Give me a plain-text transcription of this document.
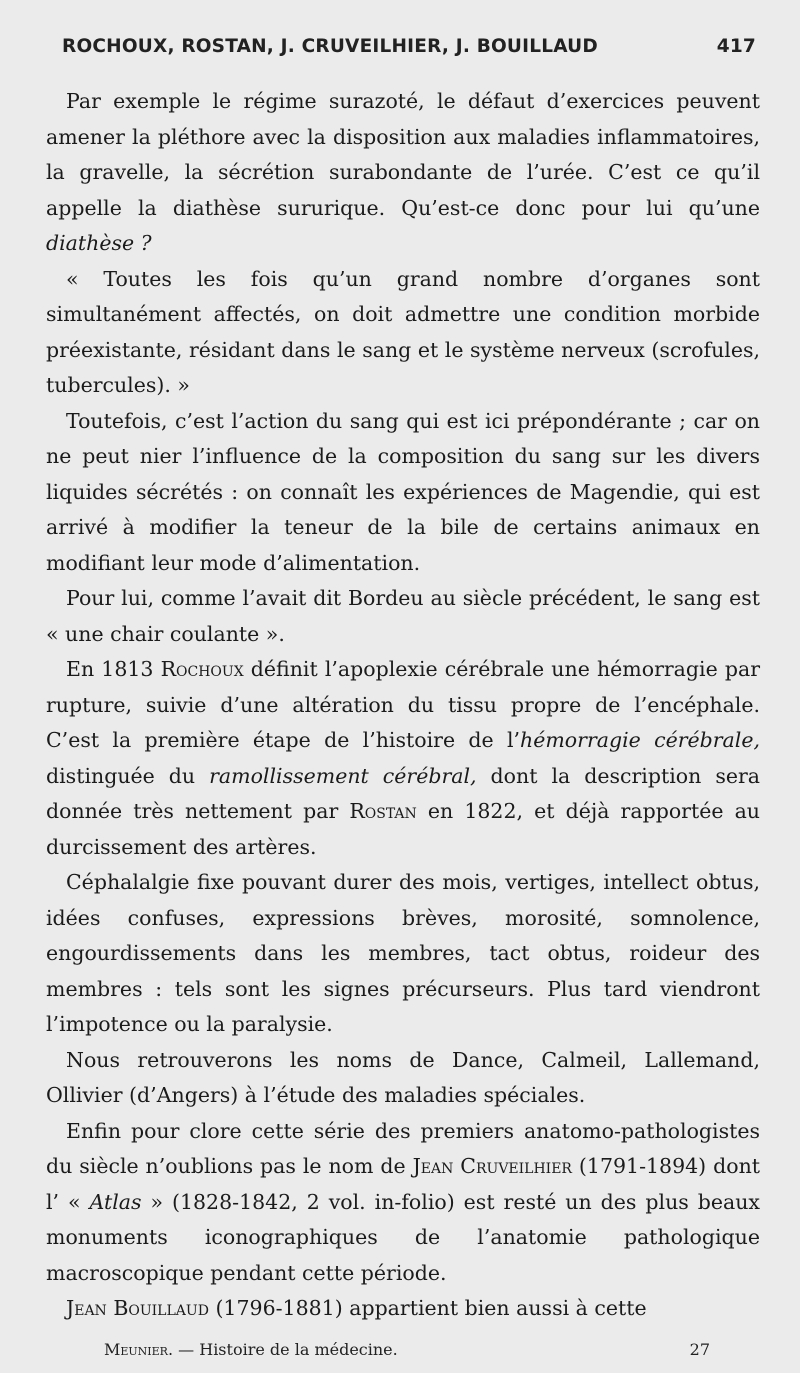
ROCHOUX, ROSTAN, J. CRUVEILHIER, J. BOUILLAUD	417

Par exemple le régime surazoté, le défaut d’exercices peuvent amener la pléthore avec la disposition aux maladies inflammatoires, la gravelle, la sécrétion surabondante de l’urée. C’est ce qu’il appelle la diathèse sururique. Qu’est-ce donc pour lui qu’une diathèse ?

« Toutes les fois qu’un grand nombre d’organes sont simultanément affectés, on doit admettre une condition morbide préexistante, résidant dans le sang et le système nerveux (scrofules, tubercules). »

Toutefois, c’est l’action du sang qui est ici prépondérante ; car on ne peut nier l’influence de la composition du sang sur les divers liquides sécrétés : on connaît les expériences de Magendie, qui est arrivé à modifier la teneur de la bile de certains animaux en modifiant leur mode d’alimentation.

Pour lui, comme l’avait dit Bordeu au siècle précédent, le sang est « une chair coulante ».

En 1813 Rochoux définit l’apoplexie cérébrale une hémorragie par rupture, suivie d’une altération du tissu propre de l’encéphale. C’est la première étape de l’histoire de l’hémorragie cérébrale, distinguée du ramollissement cérébral, dont la description sera donnée très nettement par Rostan en 1822, et déjà rapportée au durcissement des artères.

Céphalalgie fixe pouvant durer des mois, vertiges, intellect obtus, idées confuses, expressions brèves, morosité, somnolence, engourdissements dans les membres, tact obtus, roideur des membres : tels sont les signes précurseurs. Plus tard viendront l’impotence ou la paralysie.

Nous retrouverons les noms de Dance, Calmeil, Lallemand, Ollivier (d’Angers) à l’étude des maladies spéciales.

Enfin pour clore cette série des premiers anatomo-pathologistes du siècle n’oublions pas le nom de Jean Cruveilhier (1791-1894) dont l’ « Atlas » (1828-1842, 2 vol. in-folio) est resté un des plus beaux monuments iconographiques de l’anatomie pathologique macroscopique pendant cette période.

Jean Bouillaud (1796-1881) appartient bien aussi à cette

Meunier. — Histoire de la médecine.	27
